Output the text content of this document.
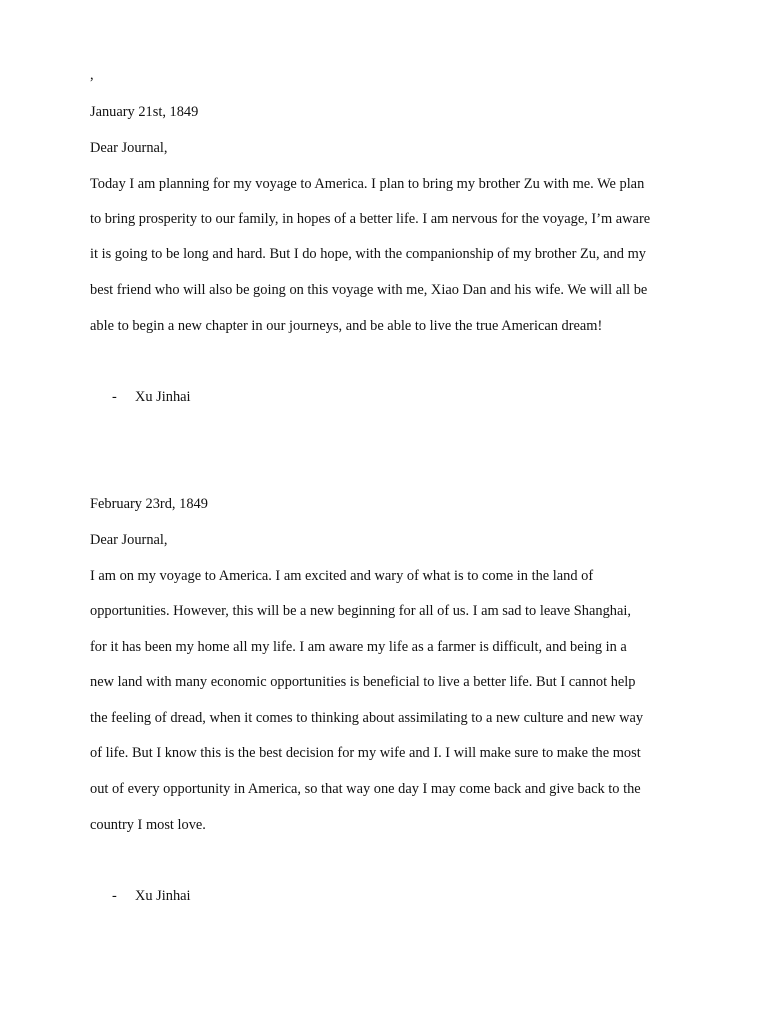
,
January 21st, 1849
Dear Journal,
Today I am planning for my voyage to America. I plan to bring my brother Zu with me. We plan
to bring prosperity to our family, in hopes of a better life. I am nervous for the voyage, I’m aware
it is going to be long and hard. But I do hope, with the companionship of my brother Zu, and my
best friend who will also be going on this voyage with me, Xiao Dan and his wife. We will all be
able to begin a new chapter in our journeys, and be able to live the true American dream!
- Xu Jinhai
February 23rd, 1849
Dear Journal,
I am on my voyage to America. I am excited and wary of what is to come in the land of
opportunities. However, this will be a new beginning for all of us. I am sad to leave Shanghai,
for it has been my home all my life. I am aware my life as a farmer is difficult, and being in a
new land with many economic opportunities is beneficial to live a better life. But I cannot help
the feeling of dread, when it comes to thinking about assimilating to a new culture and new way
of life. But I know this is the best decision for my wife and I. I will make sure to make the most
out of every opportunity in America, so that way one day I may come back and give back to the
country I most love.
- Xu Jinhai
